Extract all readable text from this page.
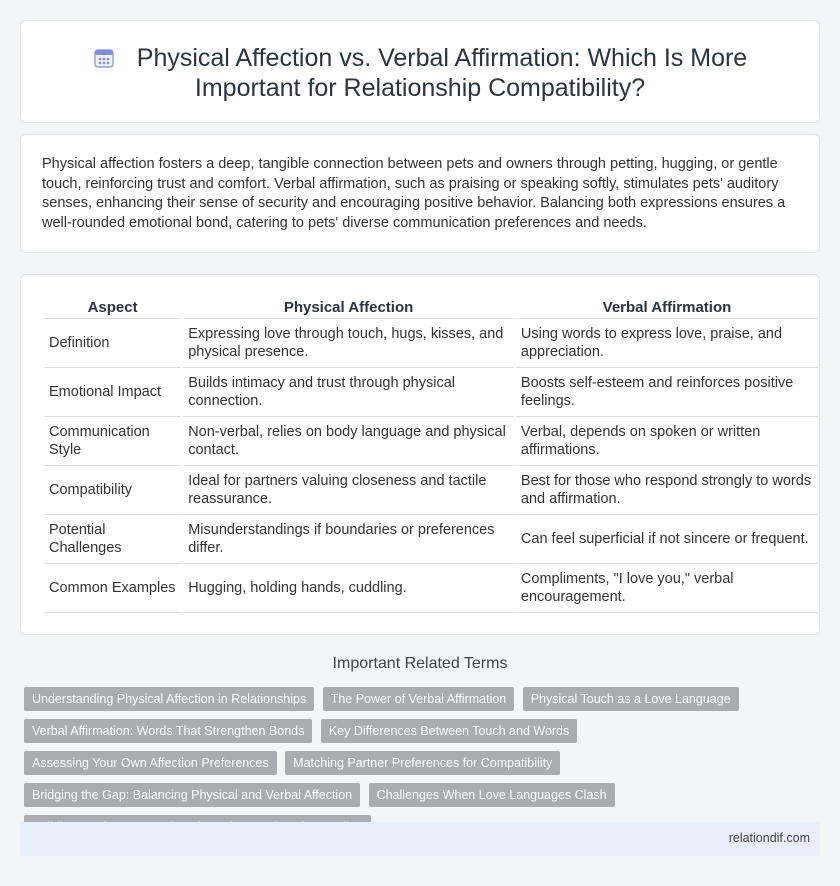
Physical Affection vs. Verbal Affirmation: Which Is More Important for Relationship Compatibility?

Physical affection fosters a deep, tangible connection between pets and owners through petting, hugging, or gentle touch, reinforcing trust and comfort. Verbal affirmation, such as praising or speaking softly, stimulates pets' auditory senses, enhancing their sense of security and encouraging positive behavior. Balancing both expressions ensures a well-rounded emotional bond, catering to pets' diverse communication preferences and needs.

Aspect	Physical Affection	Verbal Affirmation
Definition	Expressing love through touch, hugs, kisses, and physical presence.	Using words to express love, praise, and appreciation.
Emotional Impact	Builds intimacy and trust through physical connection.	Boosts self-esteem and reinforces positive feelings.
Communication Style	Non-verbal, relies on body language and physical contact.	Verbal, depends on spoken or written affirmations.
Compatibility	Ideal for partners valuing closeness and tactile reassurance.	Best for those who respond strongly to words and affirmation.
Potential Challenges	Misunderstandings if boundaries or preferences differ.	Can feel superficial if not sincere or frequent.
Common Examples	Hugging, holding hands, cuddling.	Compliments, "I love you," verbal encouragement.
Important Related Terms
Understanding Physical Affection in Relationships The Power of Verbal Affirmation Physical Touch as a Love Language Verbal Affirmation: Words That Strengthen Bonds Key Differences Between Touch and Words Assessing Your Own Affection Preferences Matching Partner Preferences for Compatibility Bridging the Gap: Balancing Physical and Verbal Affection Challenges When Love Languages Clash
relationdif.com
